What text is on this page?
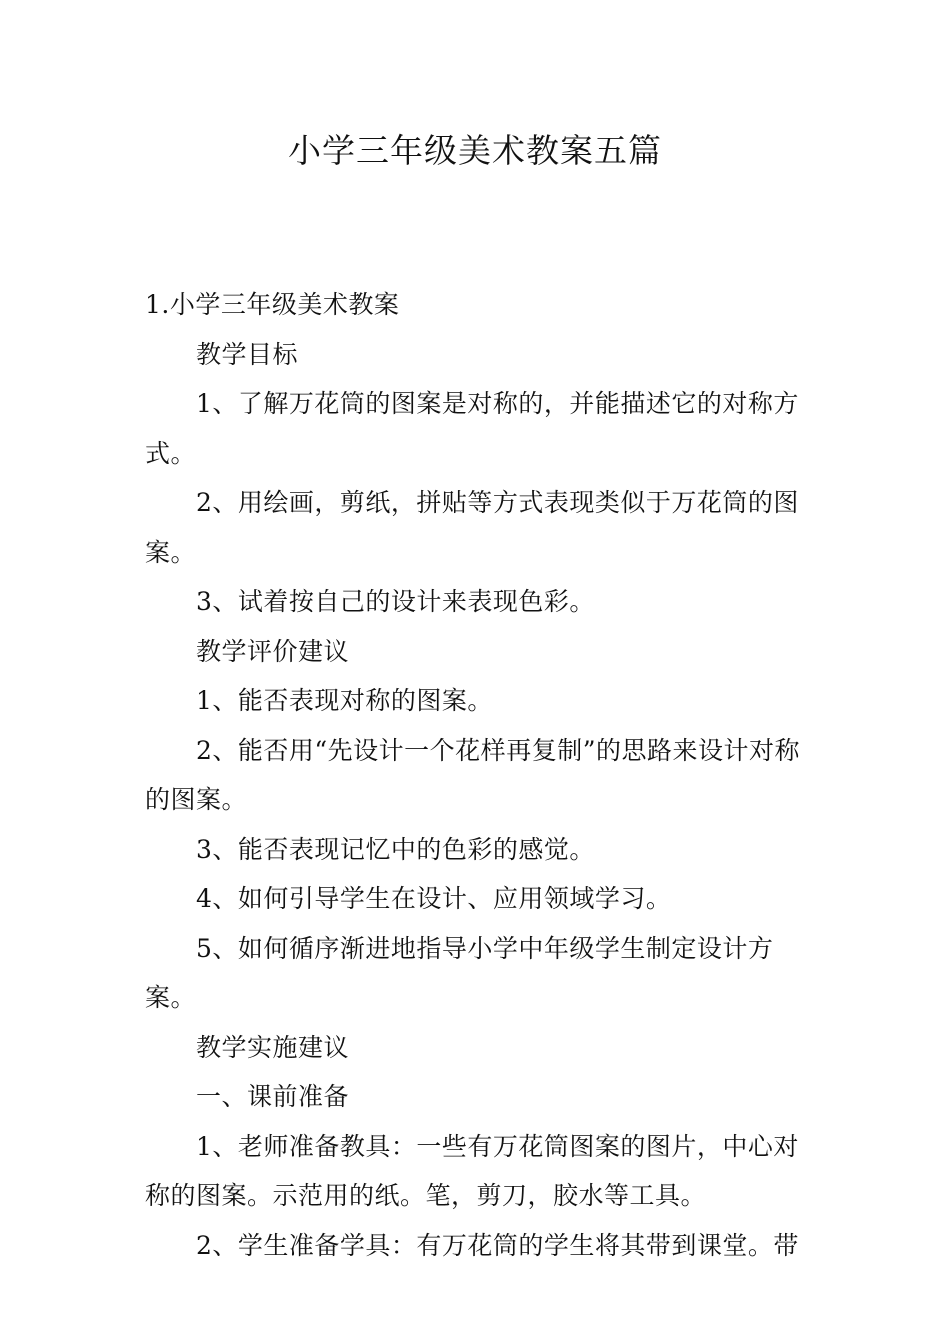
小学三年级美术教案五篇

1.小学三年级美术教案

教学目标

1、了解万花筒的图案是对称的，并能描述它的对称方式。

2、用绘画，剪纸，拼贴等方式表现类似于万花筒的图案。

3、试着按自己的设计来表现色彩。

教学评价建议

1、能否表现对称的图案。

2、能否用“先设计一个花样再复制”的思路来设计对称的图案。

3、能否表现记忆中的色彩的感觉。

4、如何引导学生在设计、应用领域学习。

5、如何循序渐进地指导小学中年级学生制定设计方案。

教学实施建议

一、课前准备

1、老师准备教具：一些有万花筒图案的图片，中心对称的图案。示范用的纸。笔，剪刀，胶水等工具。

2、学生准备学具：有万花筒的学生将其带到课堂。带
